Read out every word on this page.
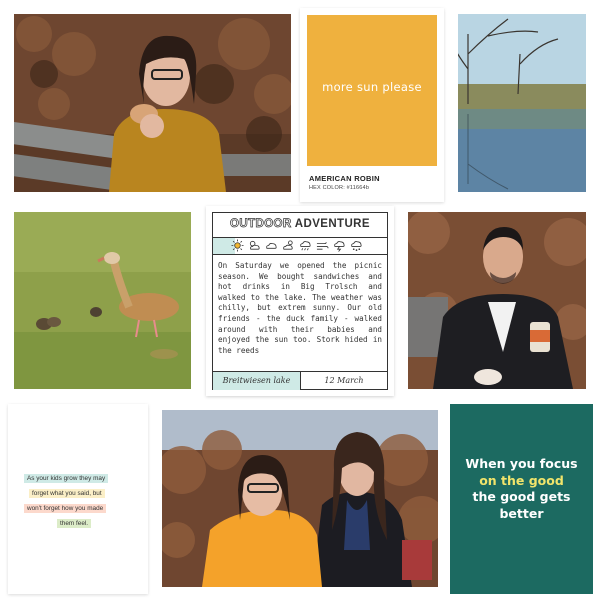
more sun please
AMERICAN ROBIN
HEX COLOR: #11664b
OUTDOOR ADVENTURE
On Saturday we opened the picnic season. We bought sandwiches and hot drinks in Big Trolsch and walked to the lake. The weather was chilly, but extrem sunny. Our old friends - the duck family - walked around with their babies and enjoyed the sun too. Stork hided in the reeds
Breitwiesen lake	12 March
As your kids grow they may
forget what you said, but
won't forget how you made
them feel.
When you focus
on the good
the good gets
better
